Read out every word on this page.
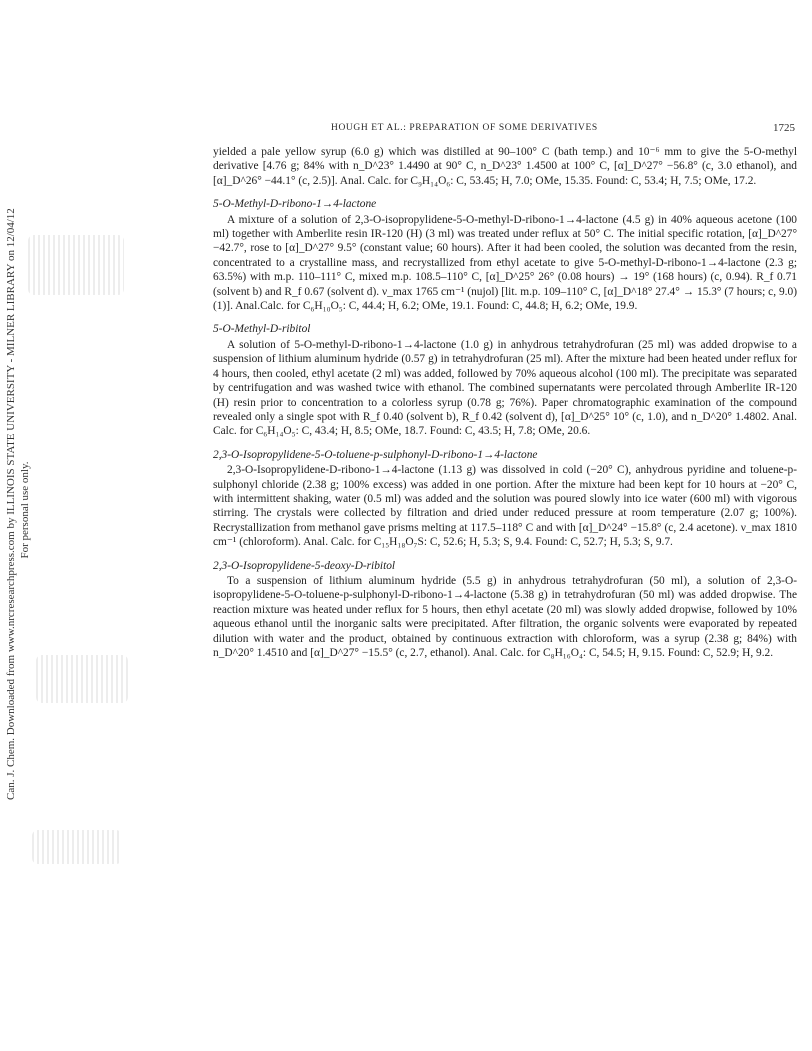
Can. J. Chem. Downloaded from www.nrcresearchpress.com by ILLINOIS STATE UNIVERSITY - MILNER LIBRARY on 12/04/12 For personal use only.
HOUGH ET AL.: PREPARATION OF SOME DERIVATIVES	1725

yielded a pale yellow syrup (6.0 g) which was distilled at 90–100° C (bath temp.) and 10⁻⁶ mm to give the 5-O-methyl derivative [4.76 g; 84% with n_D^23° 1.4490 at 90° C, n_D^23° 1.4500 at 100° C, [α]_D^27° −56.8° (c, 3.0 ethanol), and [α]_D^26° −44.1° (c, 2.5)]. Anal. Calc. for C₉H₁₄O₆: C, 53.45; H, 7.0; OMe, 15.35. Found: C, 53.4; H, 7.5; OMe, 17.2.

5-O-Methyl-D-ribono-1→4-lactone

A mixture of a solution of 2,3-O-isopropylidene-5-O-methyl-D-ribono-1→4-lactone (4.5 g) in 40% aqueous acetone (100 ml) together with Amberlite resin IR-120 (H) (3 ml) was treated under reflux at 50° C. The initial specific rotation, [α]_D^27° −42.7°, rose to [α]_D^27° 9.5° (constant value; 60 hours). After it had been cooled, the solution was decanted from the resin, concentrated to a crystalline mass, and recrystallized from ethyl acetate to give 5-O-methyl-D-ribono-1→4-lactone (2.3 g; 63.5%) with m.p. 110–111° C, mixed m.p. 108.5–110° C, [α]_D^25° 26° (0.08 hours) → 19° (168 hours) (c, 0.94). R_f 0.71 (solvent b) and R_f 0.67 (solvent d). ν_max 1765 cm⁻¹ (nujol) [lit. m.p. 109–110° C, [α]_D^18° 27.4° → 15.3° (7 hours; c, 9.0) (1)]. Anal.Calc. for C₆H₁₀O₅: C, 44.4; H, 6.2; OMe, 19.1. Found: C, 44.8; H, 6.2; OMe, 19.9.

5-O-Methyl-D-ribitol

A solution of 5-O-methyl-D-ribono-1→4-lactone (1.0 g) in anhydrous tetrahydrofuran (25 ml) was added dropwise to a suspension of lithium aluminum hydride (0.57 g) in tetrahydrofuran (25 ml). After the mixture had been heated under reflux for 4 hours, then cooled, ethyl acetate (2 ml) was added, followed by 70% aqueous alcohol (100 ml). The precipitate was separated by centrifugation and was washed twice with ethanol. The combined supernatants were percolated through Amberlite IR-120 (H) resin prior to concentration to a colorless syrup (0.78 g; 76%). Paper chromatographic examination of the compound revealed only a single spot with R_f 0.40 (solvent b), R_f 0.42 (solvent d), [α]_D^25° 10° (c, 1.0), and n_D^20° 1.4802. Anal. Calc. for C₆H₁₄O₅: C, 43.4; H, 8.5; OMe, 18.7. Found: C, 43.5; H, 7.8; OMe, 20.6.

2,3-O-Isopropylidene-5-O-toluene-p-sulphonyl-D-ribono-1→4-lactone

2,3-O-Isopropylidene-D-ribono-1→4-lactone (1.13 g) was dissolved in cold (−20° C), anhydrous pyridine and toluene-p-sulphonyl chloride (2.38 g; 100% excess) was added in one portion. After the mixture had been kept for 10 hours at −20° C, with intermittent shaking, water (0.5 ml) was added and the solution was poured slowly into ice water (600 ml) with vigorous stirring. The crystals were collected by filtration and dried under reduced pressure at room temperature (2.07 g; 100%). Recrystallization from methanol gave prisms melting at 117.5–118° C and with [α]_D^24° −15.8° (c, 2.4 acetone). ν_max 1810 cm⁻¹ (chloroform). Anal. Calc. for C₁₅H₁₈O₇S: C, 52.6; H, 5.3; S, 9.4. Found: C, 52.7; H, 5.3; S, 9.7.

2,3-O-Isopropylidene-5-deoxy-D-ribitol

To a suspension of lithium aluminum hydride (5.5 g) in anhydrous tetrahydrofuran (50 ml), a solution of 2,3-O-isopropylidene-5-O-toluene-p-sulphonyl-D-ribono-1→4-lactone (5.38 g) in tetrahydrofuran (50 ml) was added dropwise. The reaction mixture was heated under reflux for 5 hours, then ethyl acetate (20 ml) was slowly added dropwise, followed by 10% aqueous ethanol until the inorganic salts were precipitated. After filtration, the organic solvents were evaporated by repeated dilution with water and the product, obtained by continuous extraction with chloroform, was a syrup (2.38 g; 84%) with n_D^20° 1.4510 and [α]_D^27° −15.5° (c, 2.7, ethanol). Anal. Calc. for C₈H₁₆O₄: C, 54.5; H, 9.15. Found: C, 52.9; H, 9.2.
